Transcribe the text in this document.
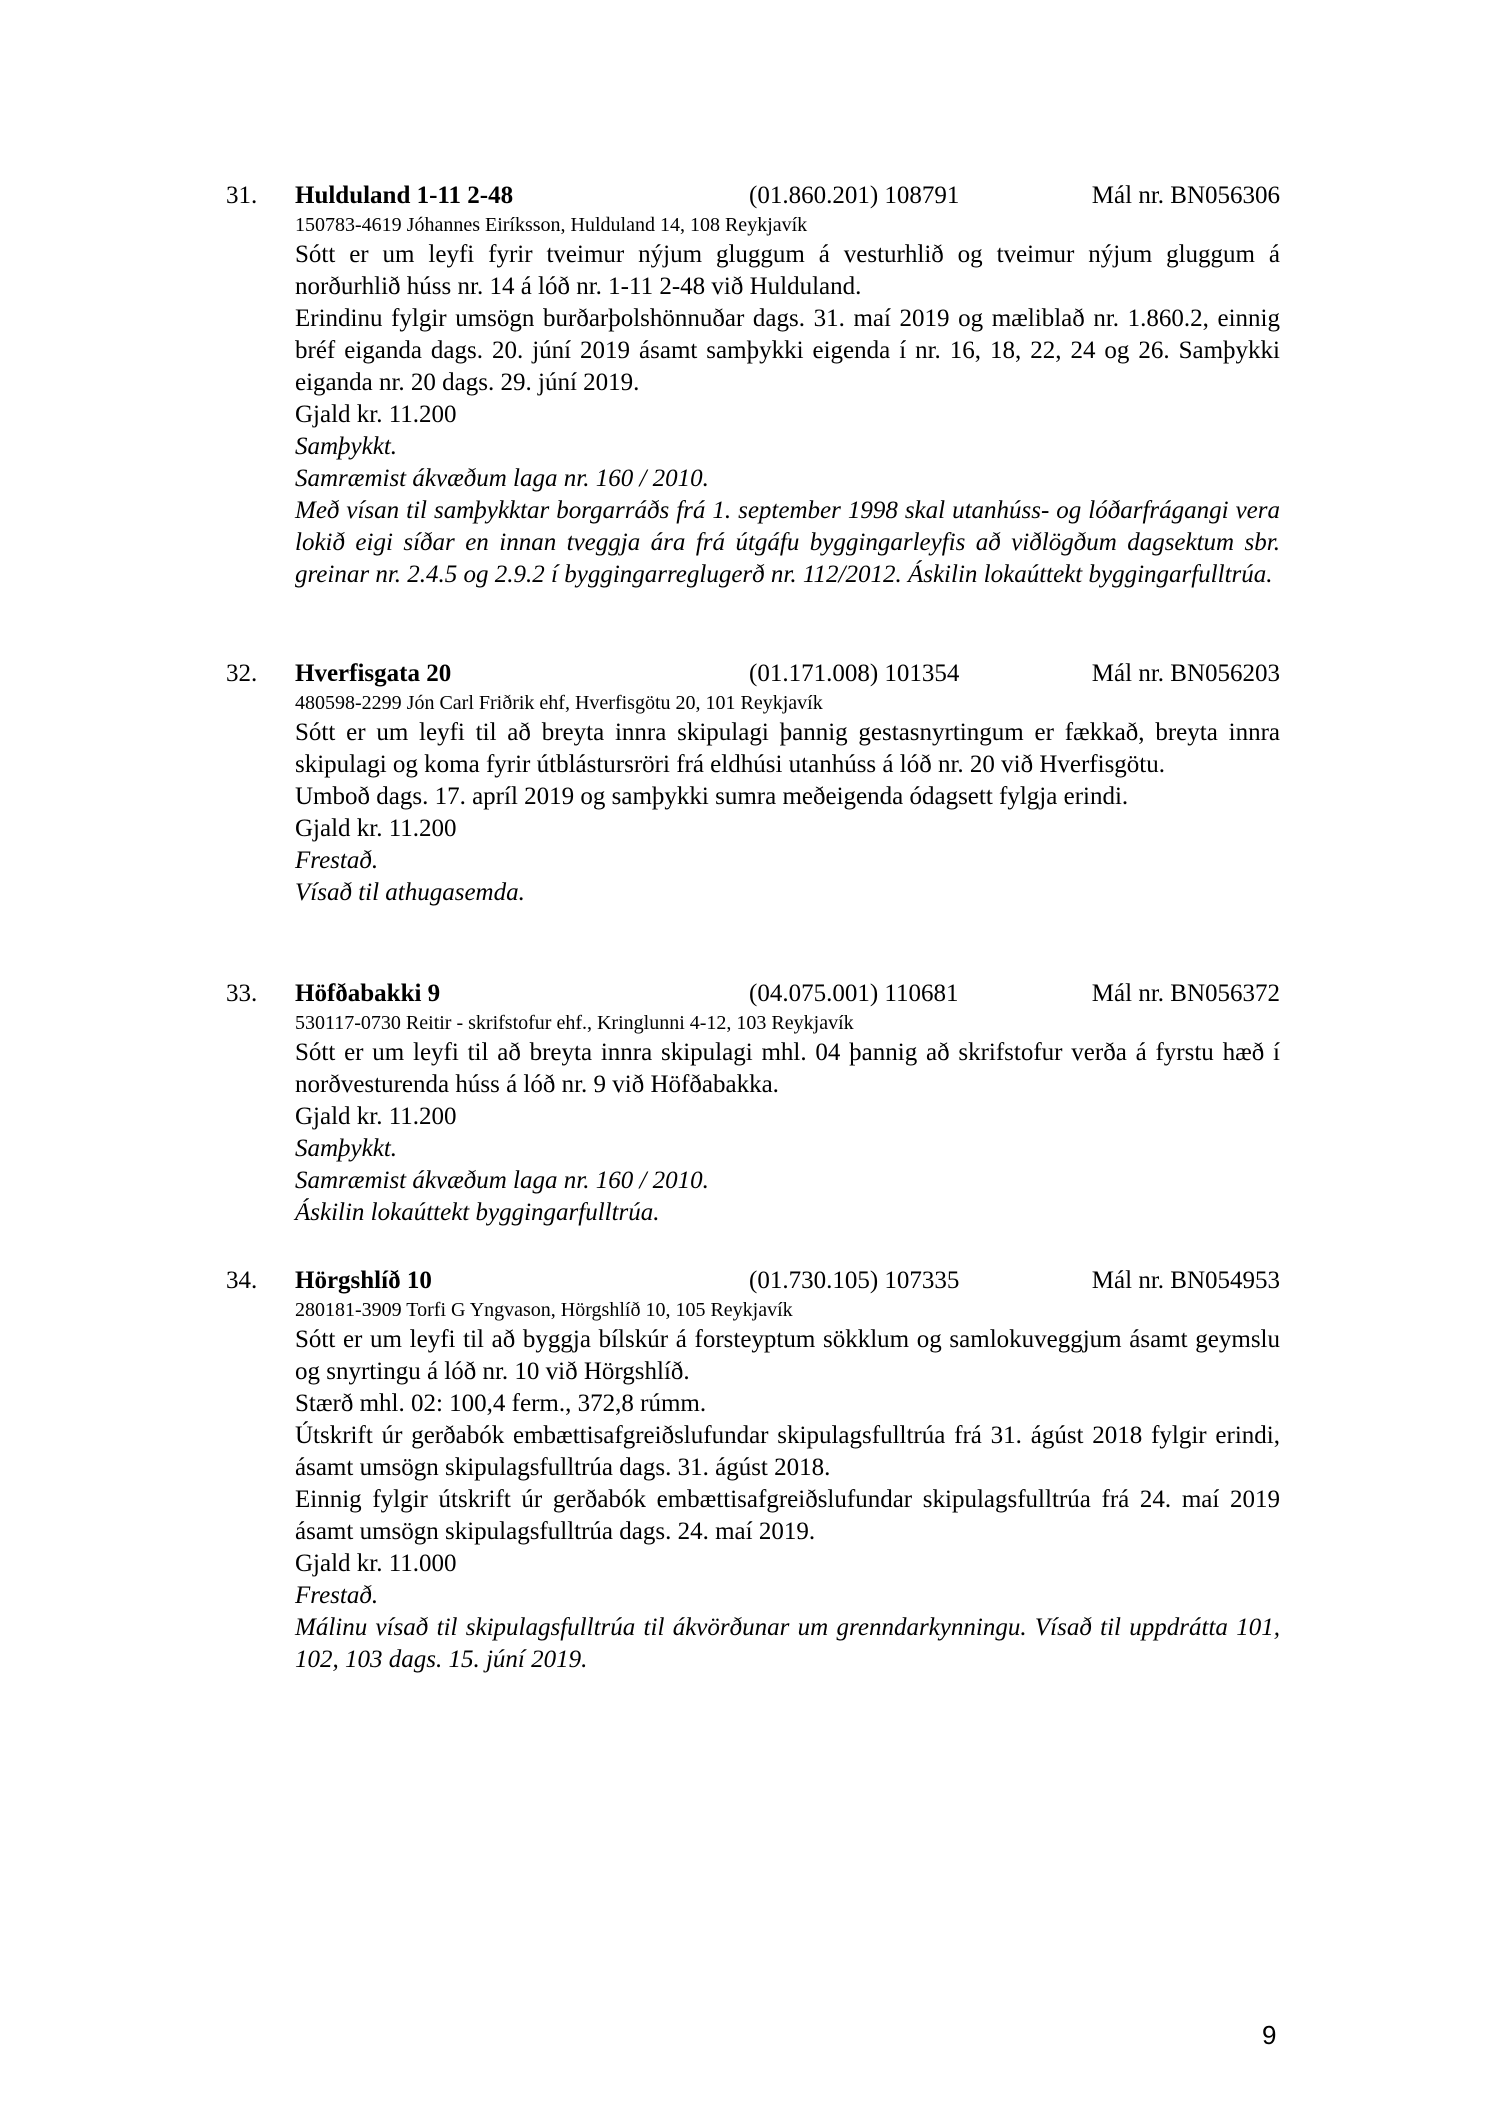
31. Hulduland 1-11 2-48	(01.860.201) 108791	Mál nr. BN056306
150783-4619 Jóhannes Eiríksson, Hulduland 14, 108 Reykjavík
Sótt er um leyfi fyrir tveimur nýjum gluggum á vesturhlið og tveimur nýjum gluggum á norðurhlið húss nr. 14 á lóð nr. 1-11 2-48 við Hulduland.
Erindinu fylgir umsögn burðarþolshönnuðar dags. 31. maí 2019 og mæliblað nr. 1.860.2, einnig bréf eiganda dags. 20. júní 2019 ásamt samþykki eigenda í nr. 16, 18, 22, 24 og 26. Samþykki eiganda nr. 20 dags. 29. júní 2019.
Gjald kr. 11.200
Samþykkt.
Samræmist ákvæðum laga nr. 160 / 2010.
Með vísan til samþykktar borgarráðs frá 1. september 1998 skal utanhúss- og lóðarfrágangi vera lokið eigi síðar en innan tveggja ára frá útgáfu byggingarleyfis að viðlögðum dagsektum sbr. greinar nr. 2.4.5 og 2.9.2 í byggingarreglugerð nr. 112/2012. Áskilin lokaúttekt byggingarfulltrúa.
32. Hverfisgata 20	(01.171.008) 101354	Mál nr. BN056203
480598-2299 Jón Carl Friðrik ehf, Hverfisgötu 20, 101 Reykjavík
Sótt er um leyfi til að breyta innra skipulagi þannig gestasnyrtingum er fækkað, breyta innra skipulagi og koma fyrir útblástursröri frá eldhúsi utanhúss á lóð nr. 20 við Hverfisgötu.
Umboð dags. 17. apríl 2019 og samþykki sumra meðeigenda ódagsett fylgja erindi.
Gjald kr. 11.200
Frestað.
Vísað til athugasemda.
33. Höfðabakki 9	(04.075.001) 110681	Mál nr. BN056372
530117-0730 Reitir - skrifstofur ehf., Kringlunni 4-12, 103 Reykjavík
Sótt er um leyfi til að breyta innra skipulagi mhl. 04 þannig að skrifstofur verða á fyrstu hæð í norðvesturenda húss á lóð nr. 9 við Höfðabakka.
Gjald kr. 11.200
Samþykkt.
Samræmist ákvæðum laga nr. 160 / 2010.
Áskilin lokaúttekt byggingarfulltrúa.
34. Hörgshlíð 10	(01.730.105) 107335	Mál nr. BN054953
280181-3909 Torfi G Yngvason, Hörgshlíð 10, 105 Reykjavík
Sótt er um leyfi til að byggja bílskúr á forsteyptum sökklum og samlokuveggjum ásamt geymslu og snyrtingu á lóð nr. 10 við Hörgshlíð.
Stærð mhl. 02: 100,4 ferm., 372,8 rúmm.
Útskrift úr gerðabók embættisafgreiðslufundar skipulagsfulltrúa frá 31. ágúst 2018 fylgir erindi, ásamt umsögn skipulagsfulltrúa dags. 31. ágúst 2018.
Einnig fylgir útskrift úr gerðabók embættisafgreiðslufundar skipulagsfulltrúa frá 24. maí 2019 ásamt umsögn skipulagsfulltrúa dags. 24. maí 2019.
Gjald kr. 11.000
Frestað.
Málinu vísað til skipulagsfulltrúa til ákvörðunar um grenndarkynningu. Vísað til uppdrátta 101, 102, 103 dags. 15. júní 2019.
9
